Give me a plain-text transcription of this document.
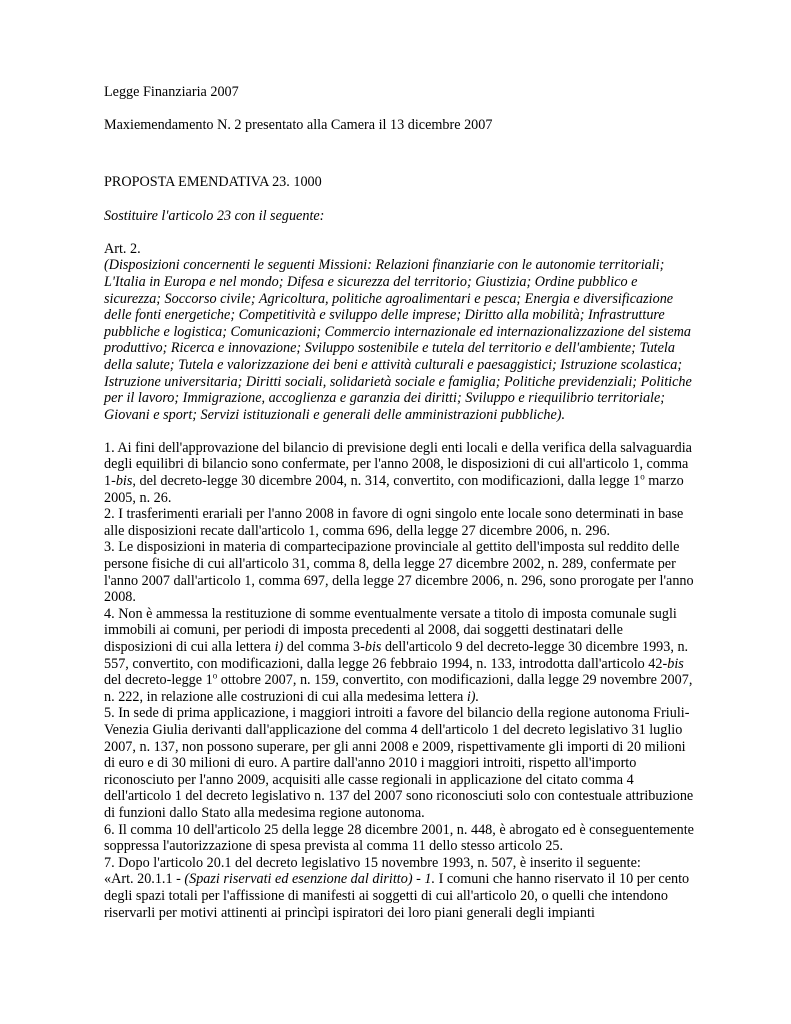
Legge Finanziaria 2007

Maxiemendamento N. 2 presentato alla Camera il 13 dicembre 2007

PROPOSTA EMENDATIVA 23. 1000

Sostituire l'articolo 23 con il seguente:

Art. 2.

(Disposizioni concernenti le seguenti Missioni: Relazioni finanziarie con le autonomie territoriali; L'Italia in Europa e nel mondo; Difesa e sicurezza del territorio; Giustizia; Ordine pubblico e sicurezza; Soccorso civile; Agricoltura, politiche agroalimentari e pesca; Energia e diversificazione delle fonti energetiche; Competitività e sviluppo delle imprese; Diritto alla mobilità; Infrastrutture pubbliche e logistica; Comunicazioni; Commercio internazionale ed internazionalizzazione del sistema produttivo; Ricerca e innovazione; Sviluppo sostenibile e tutela del territorio e dell'ambiente; Tutela della salute; Tutela e valorizzazione dei beni e attività culturali e paesaggistici; Istruzione scolastica; Istruzione universitaria; Diritti sociali, solidarietà sociale e famiglia; Politiche previdenziali; Politiche per il lavoro; Immigrazione, accoglienza e garanzia dei diritti; Sviluppo e riequilibrio territoriale; Giovani e sport; Servizi istituzionali e generali delle amministrazioni pubbliche).

1. Ai fini dell'approvazione del bilancio di previsione degli enti locali e della verifica della salvaguardia degli equilibri di bilancio sono confermate, per l'anno 2008, le disposizioni di cui all'articolo 1, comma 1-bis, del decreto-legge 30 dicembre 2004, n. 314, convertito, con modificazioni, dalla legge 1$^o$ marzo 2005, n. 26.

2. I trasferimenti erariali per l'anno 2008 in favore di ogni singolo ente locale sono determinati in base alle disposizioni recate dall'articolo 1, comma 696, della legge 27 dicembre 2006, n. 296.

3. Le disposizioni in materia di compartecipazione provinciale al gettito dell'imposta sul reddito delle persone fisiche di cui all'articolo 31, comma 8, della legge 27 dicembre 2002, n. 289, confermate per l'anno 2007 dall'articolo 1, comma 697, della legge 27 dicembre 2006, n. 296, sono prorogate per l'anno 2008.

4. Non è ammessa la restituzione di somme eventualmente versate a titolo di imposta comunale sugli immobili ai comuni, per periodi di imposta precedenti al 2008, dai soggetti destinatari delle disposizioni di cui alla lettera i) del comma 3-bis dell'articolo 9 del decreto-legge 30 dicembre 1993, n. 557, convertito, con modificazioni, dalla legge 26 febbraio 1994, n. 133, introdotta dall'articolo 42-bis del decreto-legge 1$^o$ ottobre 2007, n. 159, convertito, con modificazioni, dalla legge 29 novembre 2007, n. 222, in relazione alle costruzioni di cui alla medesima lettera i).

5. In sede di prima applicazione, i maggiori introiti a favore del bilancio della regione autonoma Friuli-Venezia Giulia derivanti dall'applicazione del comma 4 dell'articolo 1 del decreto legislativo 31 luglio 2007, n. 137, non possono superare, per gli anni 2008 e 2009, rispettivamente gli importi di 20 milioni di euro e di 30 milioni di euro. A partire dall'anno 2010 i maggiori introiti, rispetto all'importo riconosciuto per l'anno 2009, acquisiti alle casse regionali in applicazione del citato comma 4 dell'articolo 1 del decreto legislativo n. 137 del 2007 sono riconosciuti solo con contestuale attribuzione di funzioni dallo Stato alla medesima regione autonoma.

6. Il comma 10 dell'articolo 25 della legge 28 dicembre 2001, n. 448, è abrogato ed è conseguentemente soppressa l'autorizzazione di spesa prevista al comma 11 dello stesso articolo 25.

7. Dopo l'articolo 20.1 del decreto legislativo 15 novembre 1993, n. 507, è inserito il seguente:

«Art. 20.1.1 - (Spazi riservati ed esenzione dal diritto) - 1. I comuni che hanno riservato il 10 per cento degli spazi totali per l'affissione di manifesti ai soggetti di cui all'articolo 20, o quelli che intendono riservarli per motivi attinenti ai princìpi ispiratori dei loro piani generali degli impianti
